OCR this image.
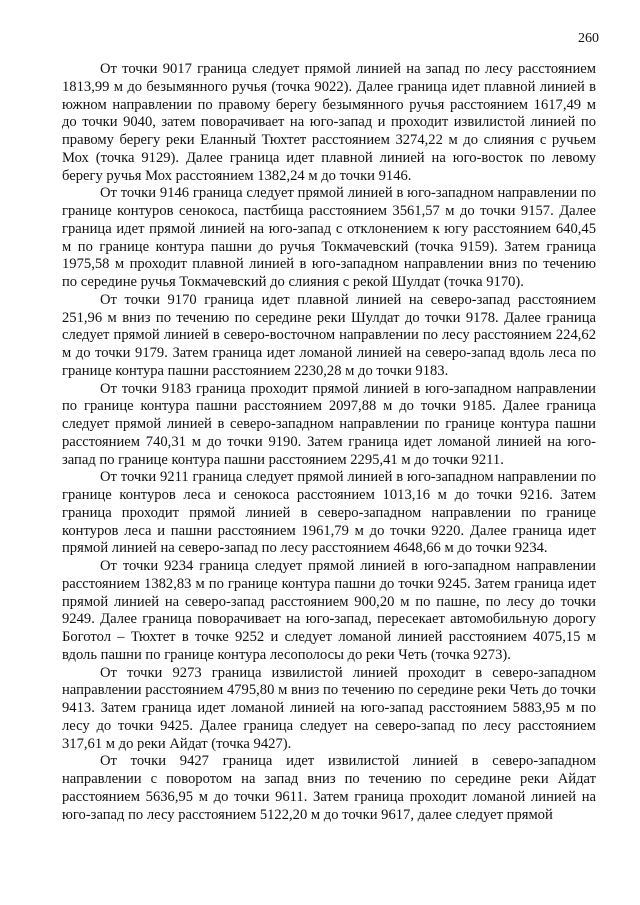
260

От точки 9017 граница следует прямой линией на запад по лесу расстоянием 1813,99 м до безымянного ручья (точка 9022). Далее граница идет плавной линией в южном направлении по правому берегу безымянного ручья расстоянием 1617,49 м до точки 9040, затем поворачивает на юго-запад и проходит извилистой линией по правому берегу реки Еланный Тюхтет расстоянием 3274,22 м до слияния с ручьем Мох (точка 9129). Далее граница идет плавной линией на юго-восток по левому берегу ручья Мох расстоянием 1382,24 м до точки 9146.

От точки 9146 граница следует прямой линией в юго-западном направлении по границе контуров сенокоса, пастбища расстоянием 3561,57 м до точки 9157. Далее граница идет прямой линией на юго-запад с отклонением к югу расстоянием 640,45 м по границе контура пашни до ручья Токмачевский (точка 9159). Затем граница 1975,58 м проходит плавной линией в юго-западном направлении вниз по течению по середине ручья Токмачевский до слияния с рекой Шулдат (точка 9170).

От точки 9170 граница идет плавной линией на северо-запад расстоянием 251,96 м вниз по течению по середине реки Шулдат до точки 9178. Далее граница следует прямой линией в северо-восточном направлении по лесу расстоянием 224,62 м до точки 9179. Затем граница идет ломаной линией на северо-запад вдоль леса по границе контура пашни расстоянием 2230,28 м до точки 9183.

От точки 9183 граница проходит прямой линией в юго-западном направлении по границе контура пашни расстоянием 2097,88 м до точки 9185. Далее граница следует прямой линией в северо-западном направлении по границе контура пашни расстоянием 740,31 м до точки 9190. Затем граница идет ломаной линией на юго-запад по границе контура пашни расстоянием 2295,41 м до точки 9211.

От точки 9211 граница следует прямой линией в юго-западном направлении по границе контуров леса и сенокоса расстоянием 1013,16 м до точки 9216. Затем граница проходит прямой линией в северо-западном направлении по границе контуров леса и пашни расстоянием 1961,79 м до точки 9220. Далее граница идет прямой линией на северо-запад по лесу расстоянием 4648,66 м до точки 9234.

От точки 9234 граница следует прямой линией в юго-западном направлении расстоянием 1382,83 м по границе контура пашни до точки 9245. Затем граница идет прямой линией на северо-запад расстоянием 900,20 м по пашне, по лесу до точки 9249. Далее граница поворачивает на юго-запад, пересекает автомобильную дорогу Боготол – Тюхтет в точке 9252 и следует ломаной линией расстоянием 4075,15 м вдоль пашни по границе контура лесополосы до реки Четь (точка 9273).

От точки 9273 граница извилистой линией проходит в северо-западном направлении расстоянием 4795,80 м вниз по течению по середине реки Четь до точки 9413. Затем граница идет ломаной линией на юго-запад расстоянием 5883,95 м по лесу до точки 9425. Далее граница следует на северо-запад по лесу расстоянием 317,61 м до реки Айдат (точка 9427).

От точки 9427 граница идет извилистой линией в северо-западном направлении с поворотом на запад вниз по течению по середине реки Айдат расстоянием 5636,95 м до точки 9611. Затем граница проходит ломаной линией на юго-запад по лесу расстоянием 5122,20 м до точки 9617, далее следует прямой
